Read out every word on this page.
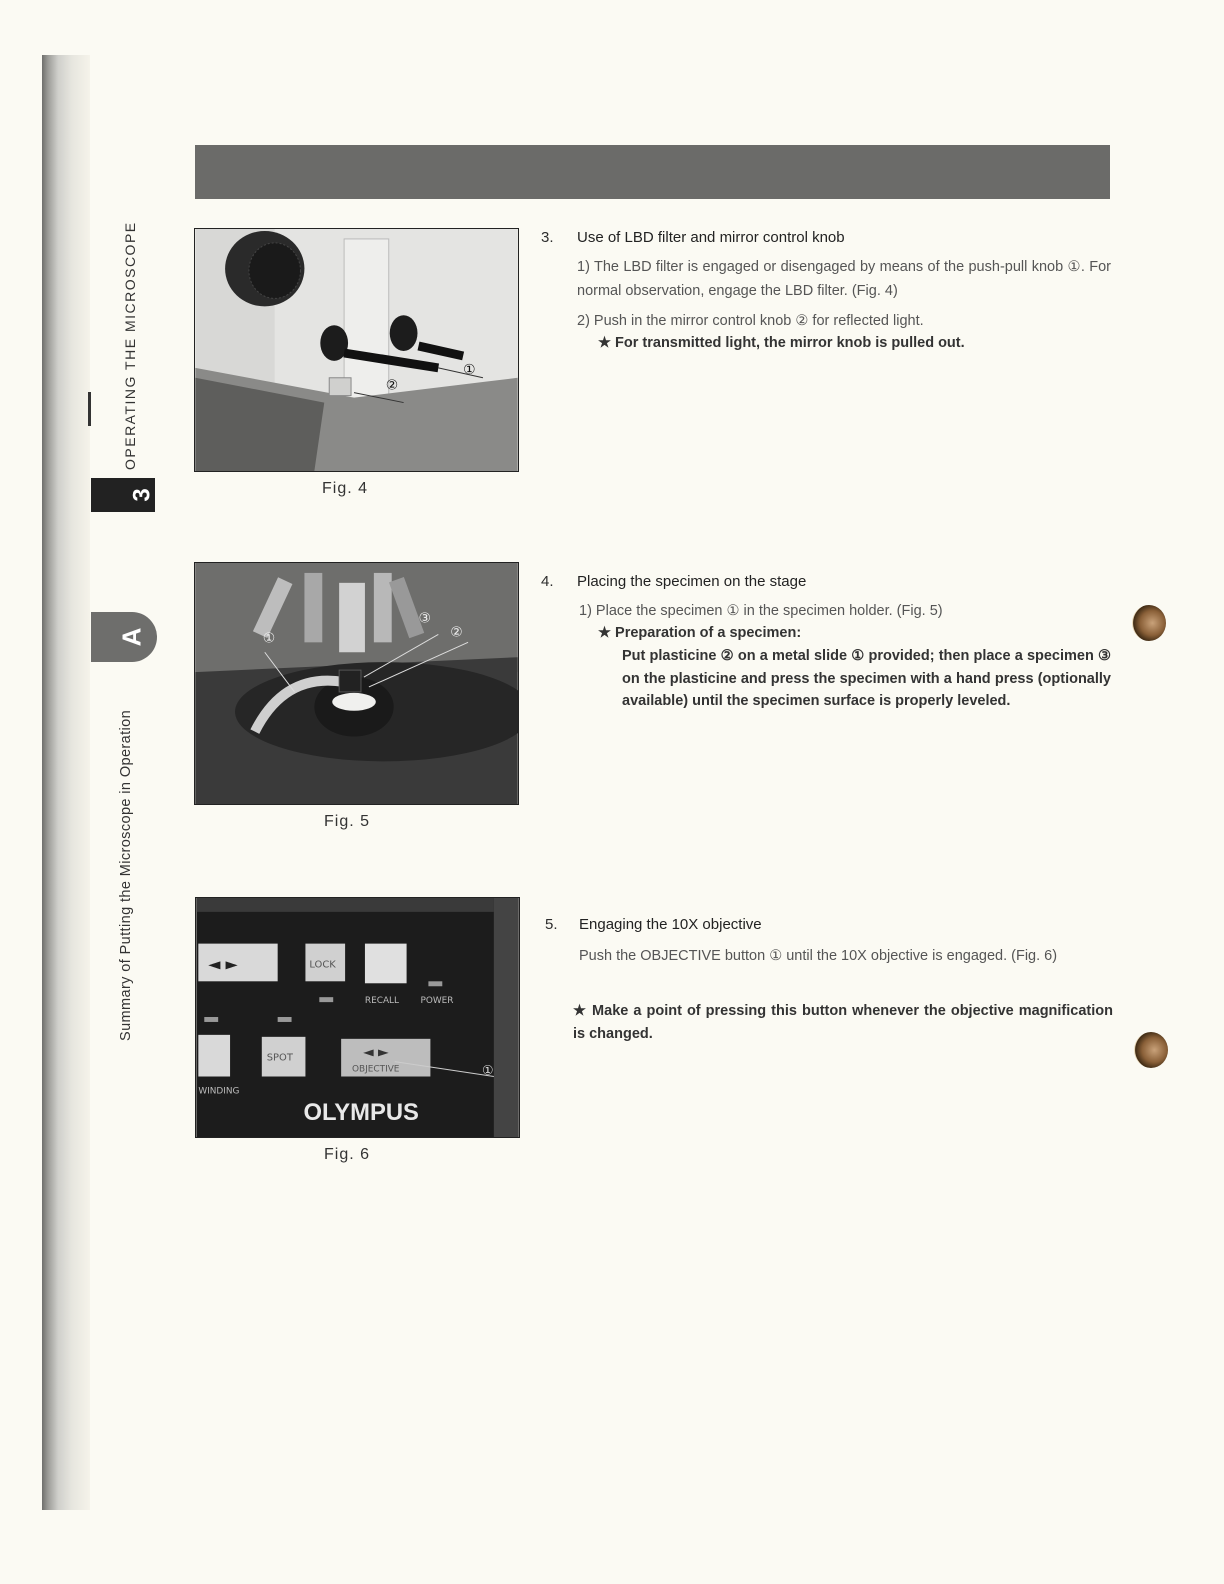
OPERATING THE MICROSCOPE
3
A
Summary of Putting the Microscope in Operation
②
①
Fig. 4
3. Use of LBD filter and mirror control knob
1) The LBD filter is engaged or disengaged by means of the push-pull knob ①. For normal observation, engage the LBD filter. (Fig. 4)
2) Push in the mirror control knob ② for reflected light.
★ For transmitted light, the mirror knob is pulled out.
③
②
①
Fig. 5
4. Placing the specimen on the stage
1) Place the specimen ① in the specimen holder. (Fig. 5)
★ Preparation of a specimen:
Put plasticine ② on a metal slide ① provided; then place a specimen ③ on the plasticine and press the specimen with a hand press (optionally available) until the specimen surface is properly leveled.
◄ ►	LOCK
RECALL POWER
SPOT	◄ ►
OBJECTIVE
WINDING
OLYMPUS
①
Fig. 6
5. Engaging the 10X objective
Push the OBJECTIVE button ① until the 10X objective is engaged. (Fig. 6)
★ Make a point of pressing this button whenever the objective magnification is changed.
